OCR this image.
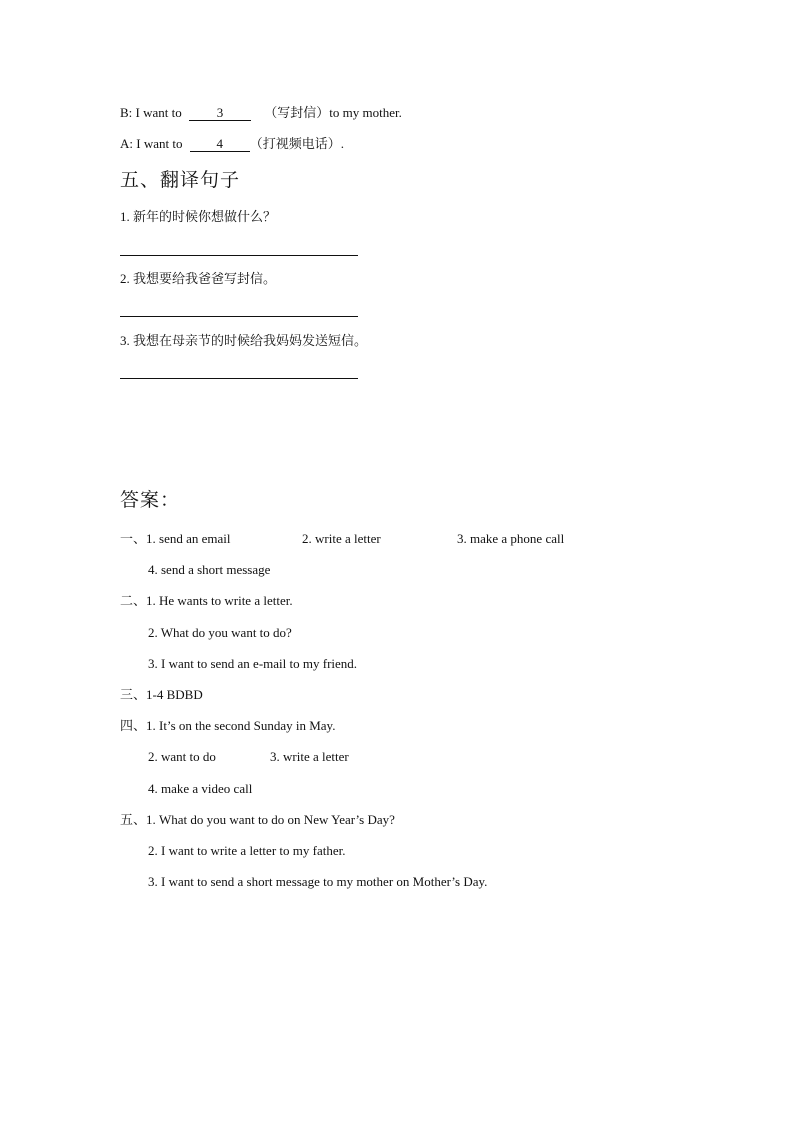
B: I want to	3	（写封信）to my mother.
A: I want to	4 （打视频电话）.
五、翻译句子
1. 新年的时候你想做什么？
2. 我想要给我爸爸写封信。
3. 我想在母亲节的时候给我妈妈发送短信。
答案：
一、1. send an email	2. write a letter	3. make a phone call
4. send a short message
二、1. He wants to write a letter.
2. What do you want to do?
3. I want to send an e-mail to my friend.
三、1-4 BDBD
四、1. It’s on the second Sunday in May.
2. want to do	3. write a letter
4. make a video call
五、1. What do you want to do on New Year’s Day?
2. I want to write a letter to my father.
3. I want to send a short message to my mother on Mother’s Day.
